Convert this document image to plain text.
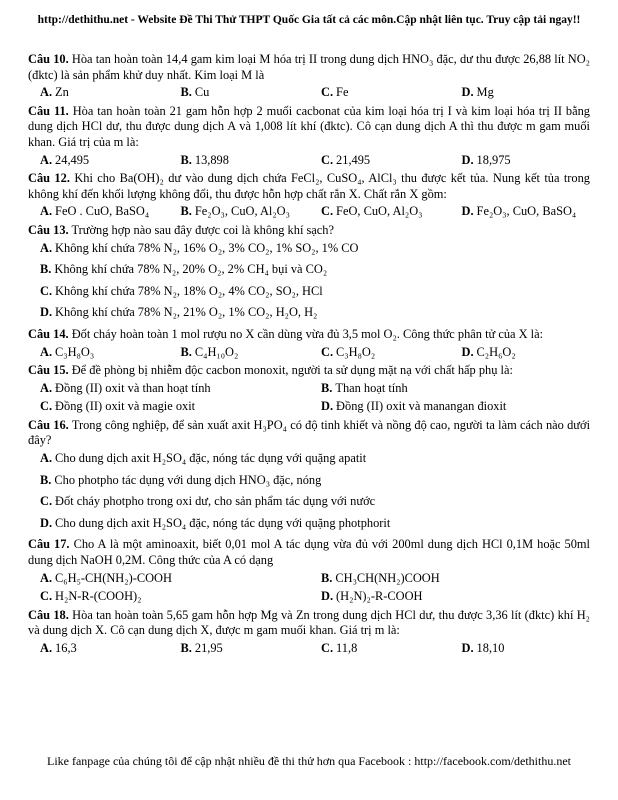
http://dethithu.net - Website Đề Thi Thử THPT Quốc Gia tất cả các môn.Cập nhật liên tục. Truy cập tải ngay!!

Câu 10. Hòa tan hoàn toàn 14,4 gam kim loại M hóa trị II trong dung dịch HNO₃ đặc, dư thu được 26,88 lít NO₂ (đktc) là sản phẩm khử duy nhất. Kim loại M là

A. Zn	B. Cu	C. Fe	D. Mg

Câu 11. Hòa tan hoàn toàn 21 gam hỗn hợp 2 muối cacbonat của kim loại hóa trị I và kim loại hóa trị II bằng dung dịch HCl dư, thu được dung dịch A và 1,008 lít khí (đktc). Cô cạn dung dịch A thì thu được m gam muối khan. Giá trị của m là:

A. 24,495	B. 13,898	C. 21,495	D. 18,975

Câu 12. Khi cho Ba(OH)₂ dư vào dung dịch chứa FeCl₂, CuSO₄, AlCl₃ thu được kết tủa. Nung kết tủa trong không khí đến khối lượng không đổi, thu được hỗn hợp chất rắn X. Chất rắn X gồm:

A. FeO . CuO, BaSO₄	B. Fe₂O₃, CuO, Al₂O₃	C. FeO, CuO, Al₂O₃	D. Fe₂O₃, CuO, BaSO₄

Câu 13. Trường hợp nào sau đây được coi là không khí sạch?

A. Không khí chứa 78% N₂, 16% O₂, 3% CO₂, 1% SO₂, 1% CO
B. Không khí chứa 78% N₂, 20% O₂, 2% CH₄ bụi và CO₂
C. Không khí chứa 78% N₂, 18% O₂, 4% CO₂, SO₂, HCl
D. Không khí chứa 78% N₂, 21% O₂, 1% CO₂, H₂O, H₂

Câu 14. Đốt cháy hoàn toàn 1 mol rượu no X cần dùng vừa đủ 3,5 mol O₂. Công thức phân tử của X là:

A. C₃H₈O₃	B. C₄H₁₀O₂	C. C₃H₈O₂	D. C₂H₆O₂

Câu 15. Để đề phòng bị nhiễm độc cacbon monoxit, người ta sử dụng mặt nạ với chất hấp phụ là:

A. Đồng (II) oxit và than hoạt tính	B. Than hoạt tính
C. Đồng (II) oxit và magie oxit	D. Đồng (II) oxit và manangan đioxit

Câu 16. Trong công nghiệp, để sản xuất axit H₃PO₄ có độ tinh khiết và nồng độ cao, người ta làm cách nào dưới đây?

A. Cho dung dịch axit H₂SO₄ đặc, nóng tác dụng với quặng apatit
B. Cho photpho tác dụng với dung dịch HNO₃ đặc, nóng
C. Đốt cháy photpho trong oxi dư, cho sản phẩm tác dụng với nước
D. Cho dung dịch axit H₂SO₄ đặc, nóng tác dụng với quặng photphorit

Câu 17. Cho A là một aminoaxit, biết 0,01 mol A tác dụng vừa đủ với 200ml dung dịch HCl 0,1M hoặc 50ml dung dịch NaOH 0,2M. Công thức của A có dạng

A. C₆H₅-CH(NH₂)-COOH	B. CH₃CH(NH₂)COOH
C. H₂N-R-(COOH)₂	D. (H₂N)₂-R-COOH

Câu 18. Hòa tan hoàn toàn 5,65 gam hỗn hợp Mg và Zn trong dung dịch HCl dư, thu được 3,36 lít (đktc) khí H₂ và dung dịch X. Cô cạn dung dịch X, được m gam muối khan. Giá trị m là:

A. 16,3	B. 21,95	C. 11,8	D. 18,10
Like fanpage của chúng tôi để cập nhật nhiều đề thi thử hơn qua Facebook : http://facebook.com/dethithu.net
